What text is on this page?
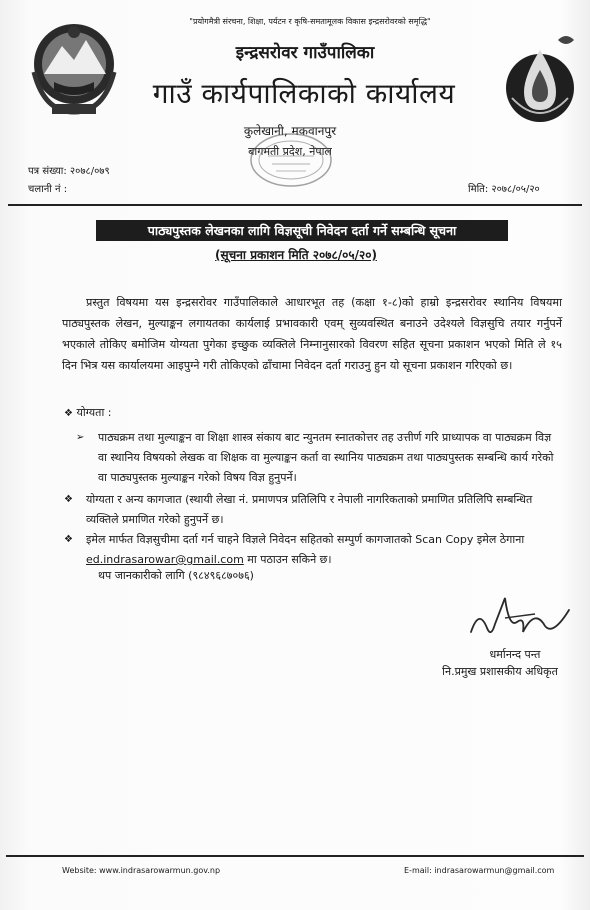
"प्रयोगमैत्री संरचना, शिक्षा, पर्यटन र कृषि-समतामूलक विकास इन्द्रसरोवरको समृद्धि"
इन्द्रसरोवर गाउँपालिका
गाउँ कार्यपालिकाको कार्यालय
कुलेखानी, मकवानपुर
बागमती प्रदेश, नेपाल
पत्र संख्या: २०७८/०७९
चलानी नं :	मिति: २०७८/०५/२०
पाठ्यपुस्तक लेखनका लागि विज्ञसूची निवेदन दर्ता गर्ने सम्बन्धि सूचना
(सूचना प्रकाशन मिति २०७८/०५/२०)
प्रस्तुत विषयमा यस इन्द्रसरोवर गाउँपालिकाले आधारभूत तह (कक्षा १-८)को हाम्रो इन्द्रसरोवर स्थानिय विषयमा पाठ्यपुस्तक लेखन, मुल्याङ्कन लगायतका कार्यलाई प्रभावकारी एवम् सुव्यवस्थित बनाउने उदेश्यले विज्ञसुचि तयार गर्नुपर्ने भएकाले तोकिए बमोजिम योग्यता पुगेका इच्छुक व्यक्तिले निम्नानुसारको विवरण सहित सूचना प्रकाशन भएको मिति ले १५ दिन भित्र यस कार्यालयमा आइपुग्ने गरी तोकिएको ढाँचामा निवेदन दर्ता गराउनु हुन यो सूचना प्रकाशन गरिएको छ।
❖ योग्यता :
➢ पाठ्यक्रम तथा मुल्याङ्कन वा शिक्षा शास्त्र संकाय बाट न्युनतम स्नातकोत्तर तह उत्तीर्ण गरि प्राध्यापक वा पाठ्यक्रम विज्ञ वा स्थानिय विषयको लेखक वा शिक्षक वा मुल्याङ्कन कर्ता वा स्थानिय पाठ्यक्रम तथा पाठ्यपुस्तक सम्बन्धि कार्य गरेको वा पाठ्यपुस्तक मुल्याङ्कन गरेको विषय विज्ञ हुनुपर्ने।
❖ योग्यता र अन्य कागजात (स्थायी लेखा नं. प्रमाणपत्र प्रतिलिपि र नेपाली नागरिकताको प्रमाणित प्रतिलिपि सम्बन्धित व्यक्तिले प्रमाणित गरेको हुनुपर्ने छ।
❖ इमेल मार्फत विज्ञसुचीमा दर्ता गर्न चाहने विज्ञले निवेदन सहितको सम्पुर्ण कागजातको Scan Copy इमेल ठेगाना ed.indrasarowar@gmail.com मा पठाउन सकिने छ।
थप जानकारीको लागि (९८४९६८७०७६)
धर्मानन्द पन्त
नि.प्रमुख प्रशासकीय अधिकृत
Website: www.indrasarowarmun.gov.np	E-mail: indrasarowarmun@gmail.com
